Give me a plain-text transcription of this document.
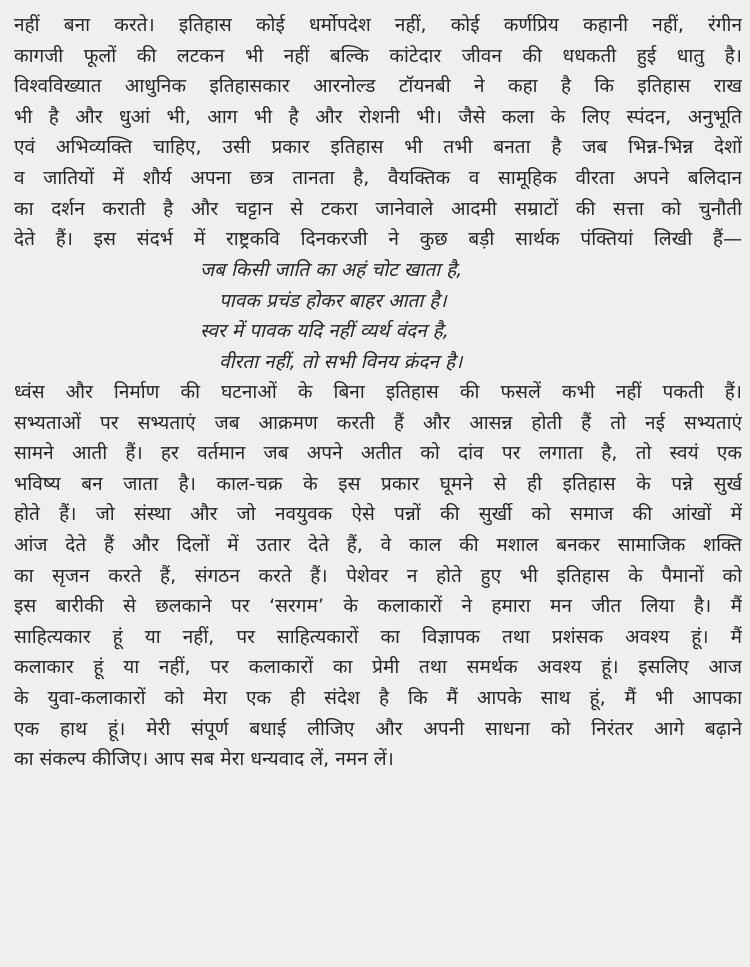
नहीं बना करते। इतिहास कोई धर्मोपदेश नहीं, कोई कर्णप्रिय कहानी नहीं, रंगीन
कागजी फूलों की लटकन भी नहीं बल्कि कांटेदार जीवन की धधकती हुई धातु है।
विश्वविख्यात आधुनिक इतिहासकार आरनोल्ड टॉयनबी ने कहा है कि इतिहास राख
भी है और धुआं भी, आग भी है और रोशनी भी। जैसे कला के लिए स्पंदन, अनुभूति
एवं अभिव्यक्ति चाहिए, उसी प्रकार इतिहास भी तभी बनता है जब भिन्न-भिन्न देशों
व जातियों में शौर्य अपना छत्र तानता है, वैयक्तिक व सामूहिक वीरता अपने बलिदान
का दर्शन कराती है और चट्टान से टकरा जानेवाले आदमी सम्राटों की सत्ता को चुनौती
देते हैं। इस संदर्भ में राष्ट्रकवि दिनकरजी ने कुछ बड़ी सार्थक पंक्तियां लिखी हैं—
जब किसी जाति का अहं चोट खाता है,
पावक प्रचंड होकर बाहर आता है।
स्वर में पावक यदि नहीं व्यर्थ वंदन है,
वीरता नहीं, तो सभी विनय क्रंदन है।
ध्वंस और निर्माण की घटनाओं के बिना इतिहास की फसलें कभी नहीं पकती हैं।
सभ्यताओं पर सभ्यताएं जब आक्रमण करती हैं और आसन्न होती हैं तो नई सभ्यताएं
सामने आती हैं। हर वर्तमान जब अपने अतीत को दांव पर लगाता है, तो स्वयं एक
भविष्य बन जाता है। काल-चक्र के इस प्रकार घूमने से ही इतिहास के पन्ने सुर्ख
होते हैं। जो संस्था और जो नवयुवक ऐसे पन्नों की सुर्खी को समाज की आंखों में
आंज देते हैं और दिलों में उतार देते हैं, वे काल की मशाल बनकर सामाजिक शक्ति
का सृजन करते हैं, संगठन करते हैं। पेशेवर न होते हुए भी इतिहास के पैमानों को
इस बारीकी से छलकाने पर ‘सरगम’ के कलाकारों ने हमारा मन जीत लिया है। मैं
साहित्यकार हूं या नहीं, पर साहित्यकारों का विज्ञापक तथा प्रशंसक अवश्य हूं। मैं
कलाकार हूं या नहीं, पर कलाकारों का प्रेमी तथा समर्थक अवश्य हूं। इसलिए आज
के युवा-कलाकारों को मेरा एक ही संदेश है कि मैं आपके साथ हूं, मैं भी आपका
एक हाथ हूं। मेरी संपूर्ण बधाई लीजिए और अपनी साधना को निरंतर आगे बढ़ाने
का संकल्प कीजिए। आप सब मेरा धन्यवाद लें, नमन लें।
